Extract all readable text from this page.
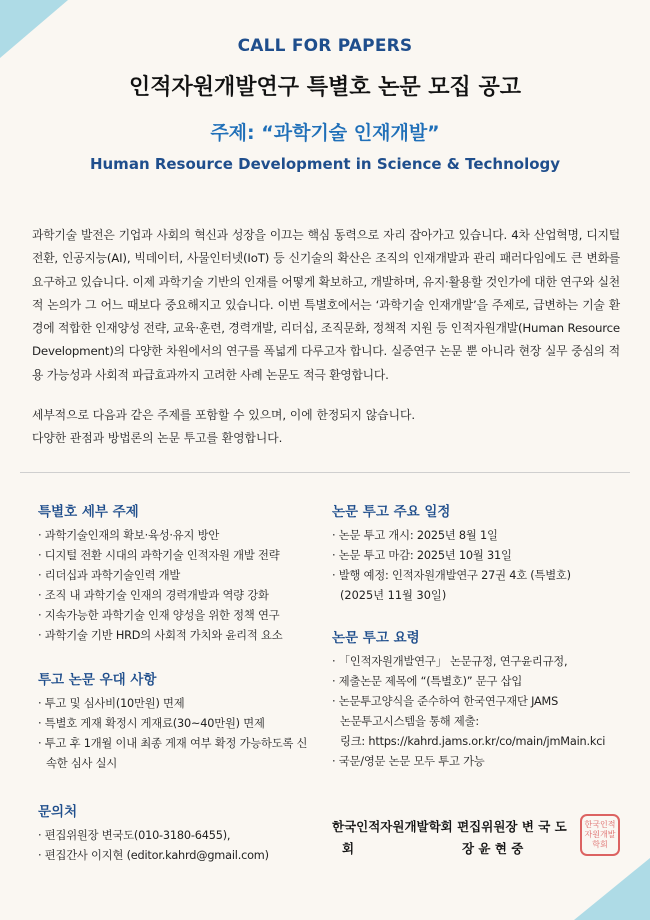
CALL FOR PAPERS
인적자원개발연구 특별호 논문 모집 공고
주제: “과학기술 인재개발”
Human Resource Development in Science & Technology
과학기술 발전은 기업과 사회의 혁신과 성장을 이끄는 핵심 동력으로 자리 잡아가고 있습니다. 4차 산업혁명, 디지털 전환, 인공지능(AI), 빅데이터, 사물인터넷(IoT) 등 신기술의 확산은 조직의 인재개발과 관리 패러다임에도 큰 변화를 요구하고 있습니다. 이제 과학기술 기반의 인재를 어떻게 확보하고, 개발하며, 유지·활용할 것인가에 대한 연구와 실천적 논의가 그 어느 때보다 중요해지고 있습니다. 이번 특별호에서는 ‘과학기술 인재개발’을 주제로, 급변하는 기술 환경에 적합한 인재양성 전략, 교육·훈련, 경력개발, 리더십, 조직문화, 정책적 지원 등 인적자원개발(Human Resource Development)의 다양한 차원에서의 연구를 폭넓게 다루고자 합니다. 실증연구 논문 뿐 아니라 현장 실무 중심의 적용 가능성과 사회적 파급효과까지 고려한 사례 논문도 적극 환영합니다.
세부적으로 다음과 같은 주제를 포함할 수 있으며, 이에 한정되지 않습니다.
다양한 관점과 방법론의 논문 투고를 환영합니다.
특별호 세부 주제
· 과학기술인재의 확보·육성·유지 방안
· 디지털 전환 시대의 과학기술 인적자원 개발 전략
· 리더십과 과학기술인력 개발
· 조직 내 과학기술 인재의 경력개발과 역량 강화
· 지속가능한 과학기술 인재 양성을 위한 정책 연구
· 과학기술 기반 HRD의 사회적 가치와 윤리적 요소
투고 논문 우대 사항
· 투고 및 심사비(10만원) 면제
· 특별호 게재 확정시 게재료(30~40만원) 면제
· 투고 후 1개월 이내 최종 게재 여부 확정 가능하도록 신속한 심사 실시
문의처
· 편집위원장 변국도(010-3180-6455),
· 편집간사 이지현 (editor.kahrd@gmail.com)
논문 투고 주요 일정
· 논문 투고 개시: 2025년 8월 1일
· 논문 투고 마감: 2025년 10월 31일
· 발행 예정: 인적자원개발연구 27권 4호 (특별호)
(2025년 11월 30일)
논문 투고 요령
· 「인적자원개발연구」 논문규정, 연구윤리규정,
· 제출논문 제목에 “(특별호)” 문구 삽입
· 논문투고양식을 준수하여 한국연구재단 JAMS 논문투고시스템을 통해 제출:
링크: https://kahrd.jams.or.kr/co/main/jmMain.kci
· 국문/영문 논문 모두 투고 가능
한국인적자원개발학회 편집위원장 변 국 도
회	장 윤 현 중
한국인적자원개발학회
